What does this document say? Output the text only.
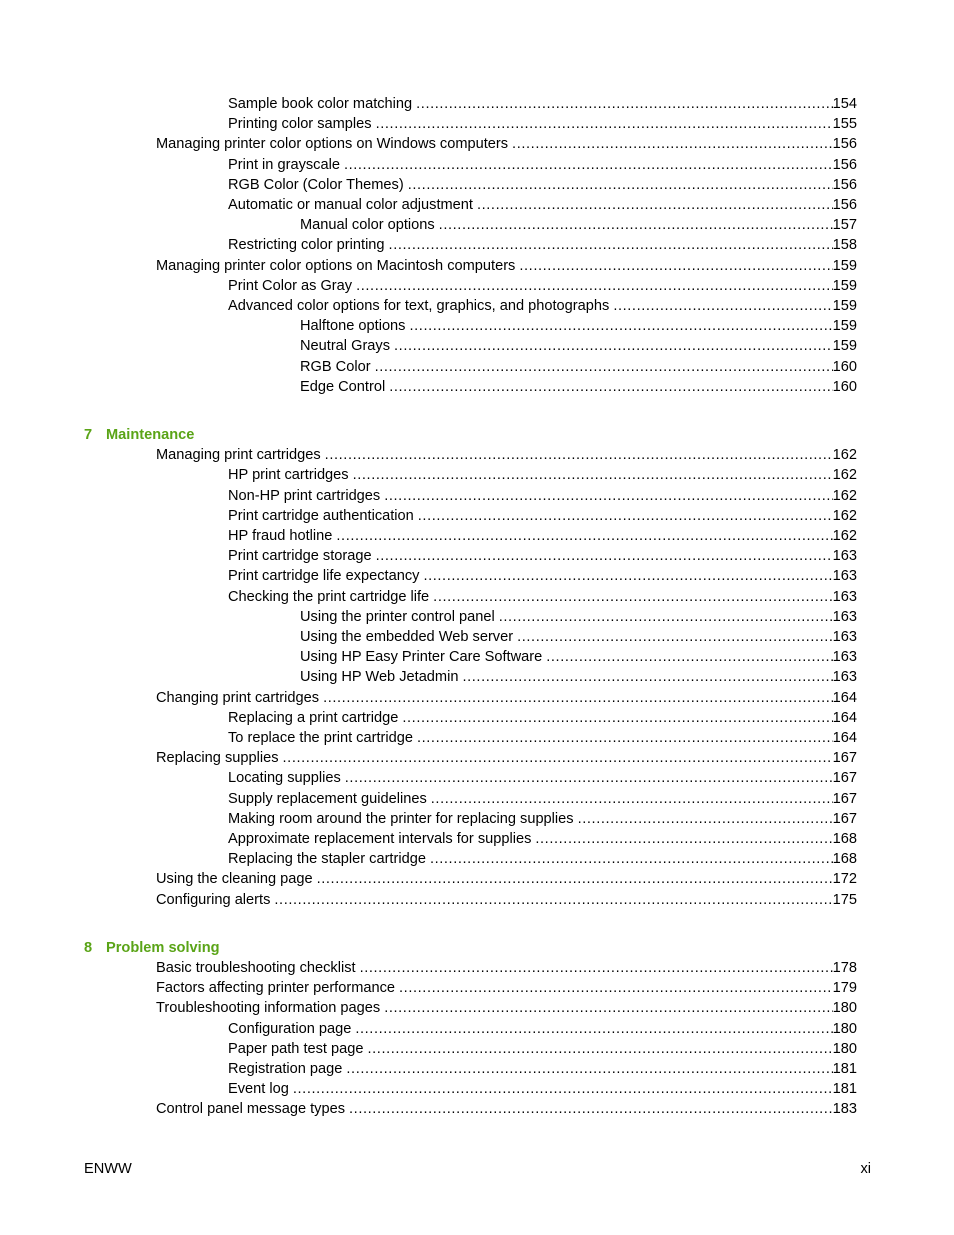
Sample book color matching .....	154
Printing color samples .....	155
Managing printer color options on Windows computers .....	156
Print in grayscale .....	156
RGB Color (Color Themes) .....	156
Automatic or manual color adjustment .....	156
Manual color options .....	157
Restricting color printing .....	158
Managing printer color options on Macintosh computers .....	159
Print Color as Gray .....	159
Advanced color options for text, graphics, and photographs .....	159
Halftone options .....	159
Neutral Grays .....	159
RGB Color .....	160
Edge Control .....	160
7 Maintenance
Managing print cartridges .....	162
HP print cartridges .....	162
Non-HP print cartridges .....	162
Print cartridge authentication .....	162
HP fraud hotline .....	162
Print cartridge storage .....	163
Print cartridge life expectancy .....	163
Checking the print cartridge life .....	163
Using the printer control panel .....	163
Using the embedded Web server .....	163
Using HP Easy Printer Care Software .....	163
Using HP Web Jetadmin .....	163
Changing print cartridges .....	164
Replacing a print cartridge .....	164
To replace the print cartridge .....	164
Replacing supplies .....	167
Locating supplies .....	167
Supply replacement guidelines .....	167
Making room around the printer for replacing supplies .....	167
Approximate replacement intervals for supplies .....	168
Replacing the stapler cartridge .....	168
Using the cleaning page .....	172
Configuring alerts .....	175
8 Problem solving
Basic troubleshooting checklist .....	178
Factors affecting printer performance .....	179
Troubleshooting information pages .....	180
Configuration page .....	180
Paper path test page .....	180
Registration page .....	181
Event log .....	181
Control panel message types .....	183
ENWW	xi
